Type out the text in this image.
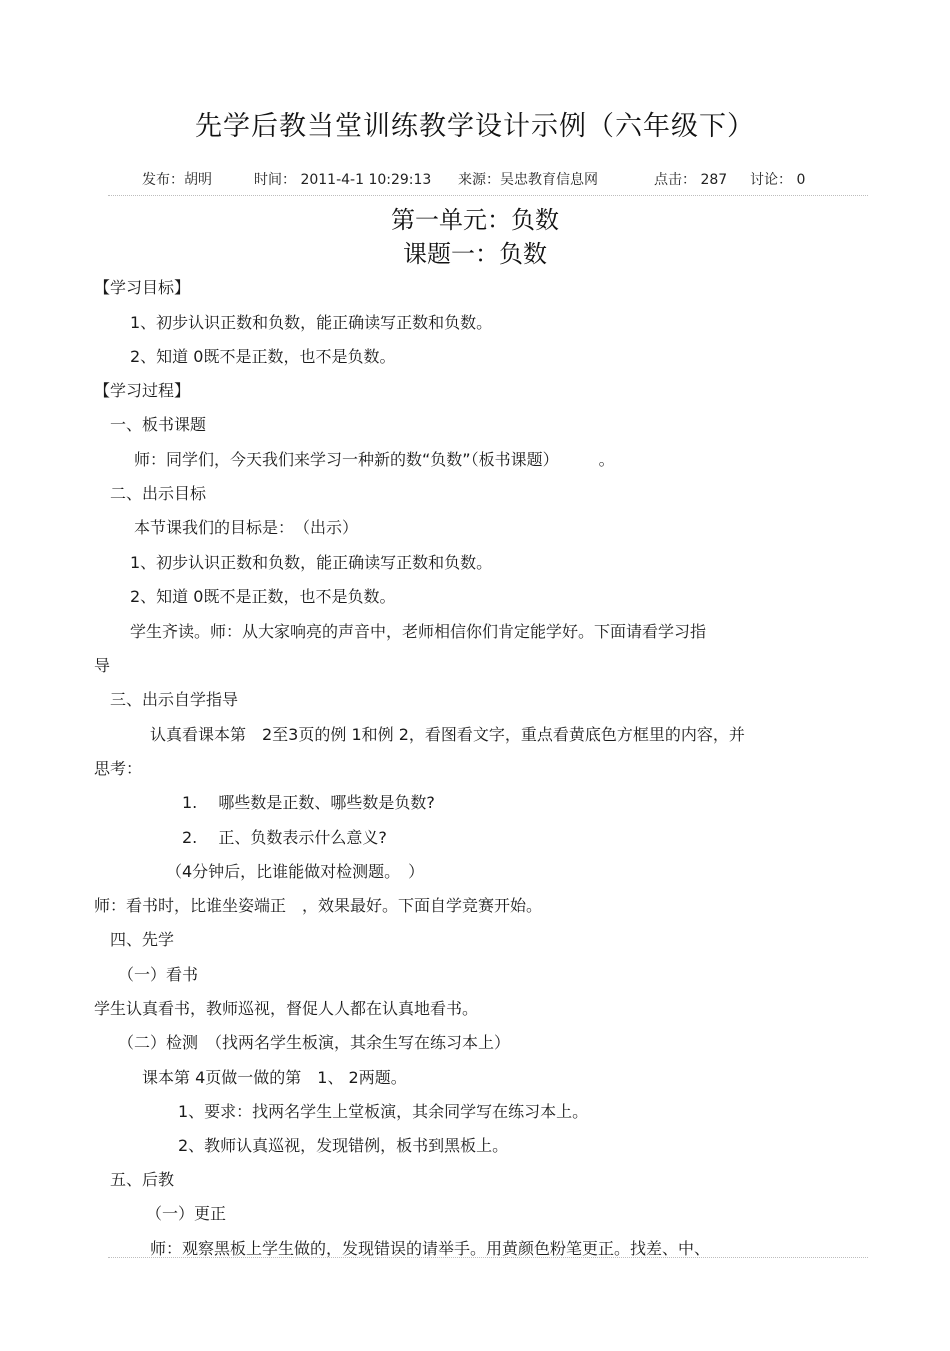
先学后教当堂训练教学设计示例（六年级下）
发布：胡明	时间： 2011-4-1 10:29:13 来源：吴忠教育信息网	点击： 287 讨论： 0
第一单元：负数
课题一：负数
【学习目标】
1、初步认识正数和负数，能正确读写正数和负数。
2、知道 0既不是正数，也不是负数。
【学习过程】
一、板书课题
师：同学们，今天我们来学习一种新的数“负数”（板书课题）　　　。
二、出示目标
本节课我们的目标是：　（出示）
1、初步认识正数和负数，能正确读写正数和负数。
2、知道 0既不是正数，也不是负数。
学生齐读。师：从大家响亮的声音中，老师相信你们肯定能学好。下面请看学习指
导
三、出示自学指导
认真看课本第　2至3页的例 1和例 2，看图看文字，重点看黄底色方框里的内容，并
思考：
1.　 哪些数是正数、哪些数是负数?
2.　 正、负数表示什么意义?
（4分钟后，比谁能做对检测题。　）
师：看书时，比谁坐姿端正　，效果最好。下面自学竞赛开始。
四、先学
（一）看书
学生认真看书，教师巡视，督促人人都在认真地看书。
（二）检测　（找两名学生板演，其余生写在练习本上）
课本第 4页做一做的第　1、 2两题。
1、要求：找两名学生上堂板演，其余同学写在练习本上。
2、教师认真巡视，发现错例，板书到黑板上。
五、后教
（一）更正
师：观察黑板上学生做的，发现错误的请举手。用黄颜色粉笔更正。找差、中、
